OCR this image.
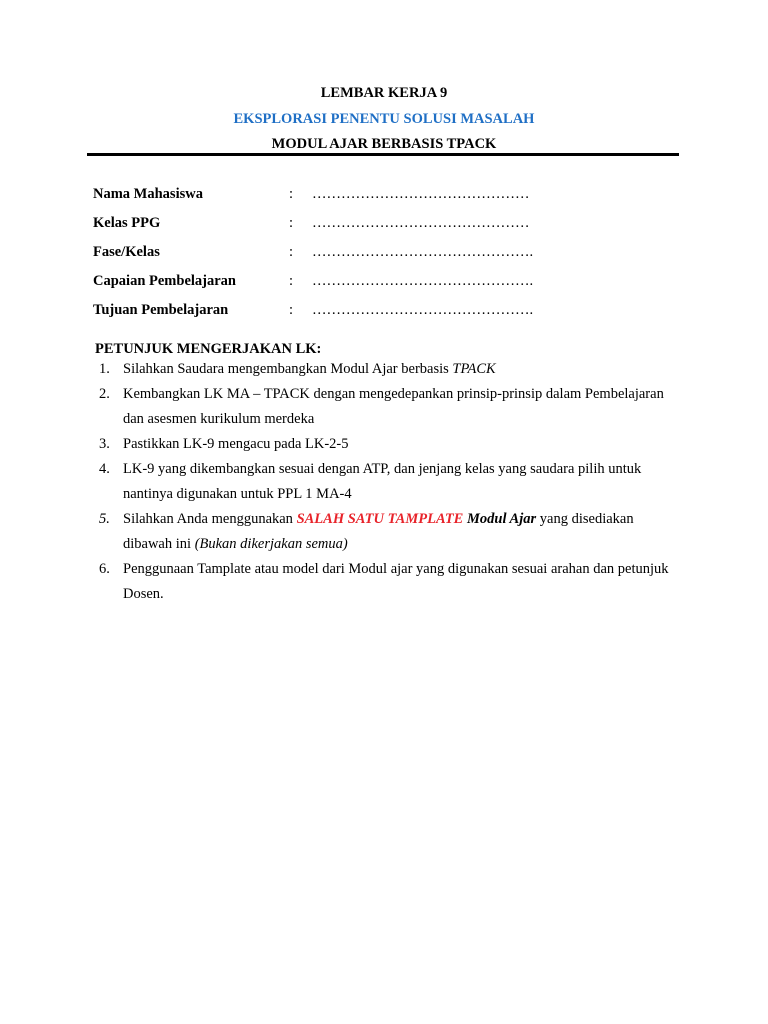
LEMBAR KERJA 9
EKSPLORASI PENENTU SOLUSI MASALAH
MODUL AJAR BERBASIS TPACK
Nama Mahasiswa	: ………………………………………
Kelas PPG	: ………………………………………
Fase/Kelas	: ……………………………………….
Capaian Pembelajaran	: ……………………………………….
Tujuan Pembelajaran	: ……………………………………….
PETUNJUK MENGERJAKAN LK:
1. Silahkan Saudara mengembangkan Modul Ajar berbasis TPACK
2. Kembangkan LK MA – TPACK dengan mengedepankan prinsip-prinsip dalam Pembelajaran dan asesmen kurikulum merdeka
3. Pastikkan LK-9 mengacu pada LK-2-5
4. LK-9 yang dikembangkan sesuai dengan ATP, dan jenjang kelas yang saudara pilih untuk nantinya digunakan untuk PPL 1 MA-4
5. Silahkan Anda menggunakan SALAH SATU TAMPLATE Modul Ajar yang disediakan dibawah ini (Bukan dikerjakan semua)
6. Penggunaan Tamplate atau model dari Modul ajar yang digunakan sesuai arahan dan petunjuk Dosen.
